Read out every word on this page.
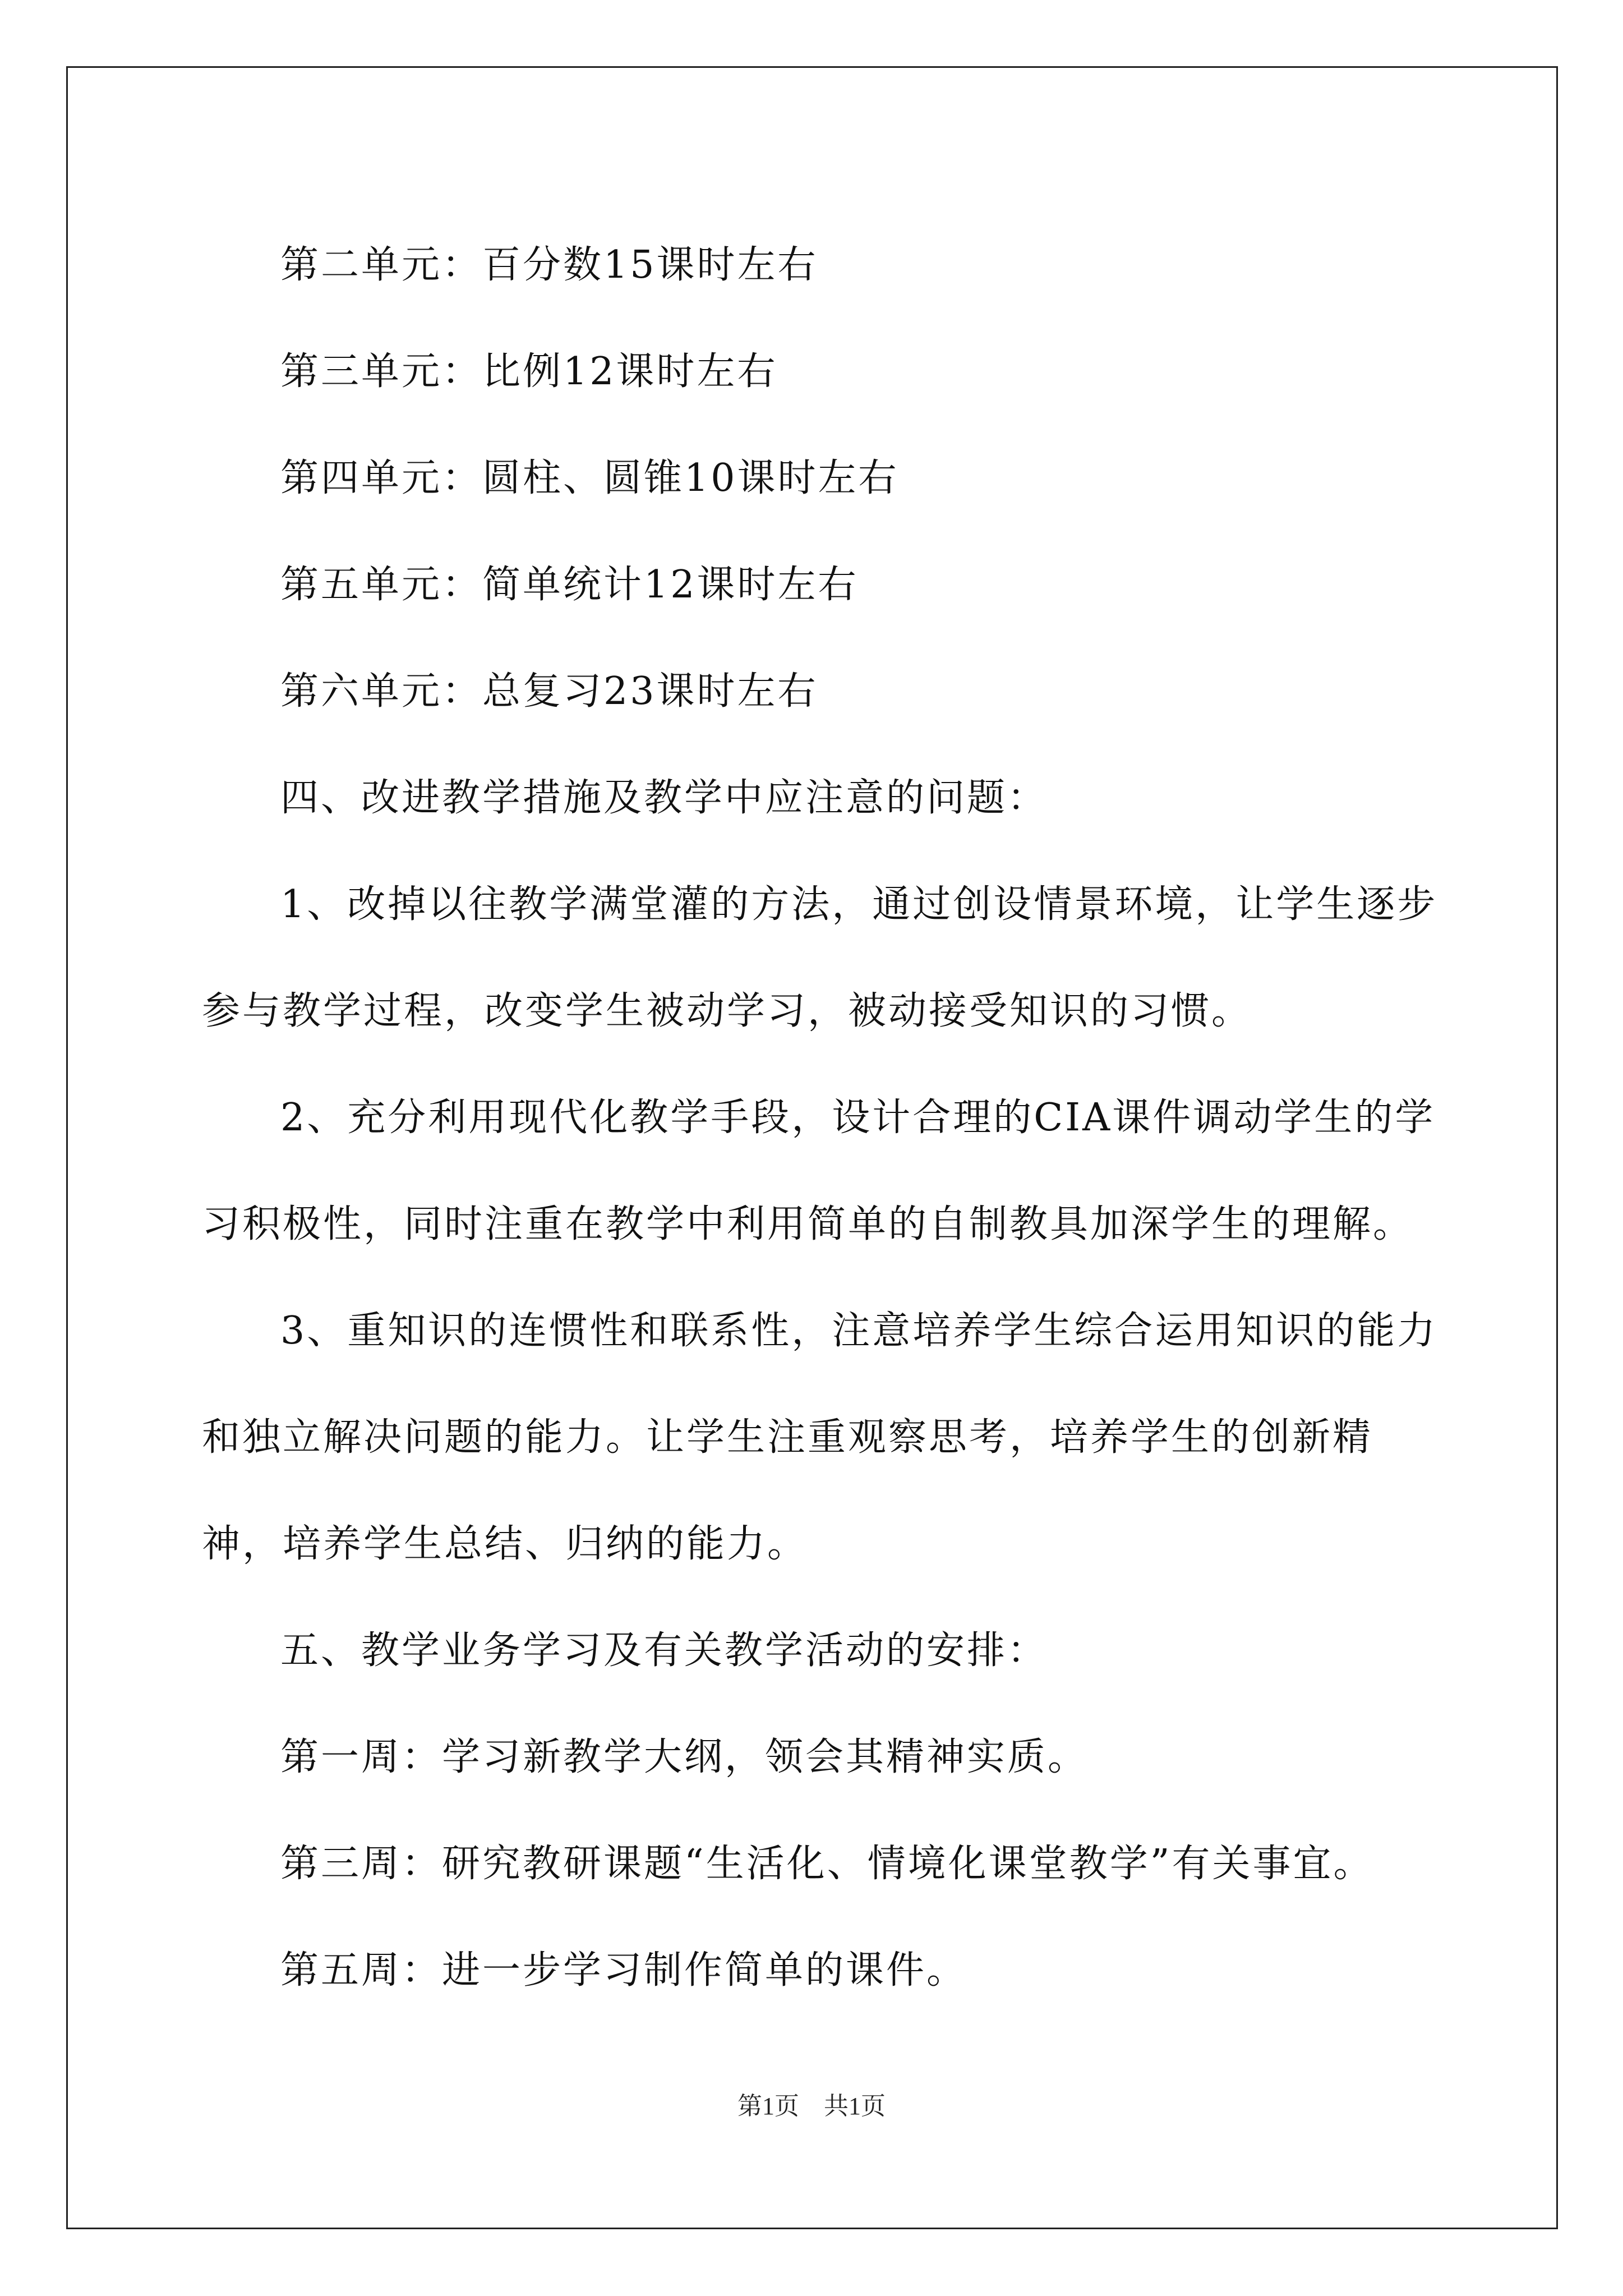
第二单元：百分数15课时左右

第三单元：比例12课时左右

第四单元：圆柱、圆锥10课时左右

第五单元：简单统计12课时左右

第六单元：总复习23课时左右

四、改进教学措施及教学中应注意的问题：

1、改掉以往教学满堂灌的方法，通过创设情景环境，让学生逐步参与教学过程，改变学生被动学习，被动接受知识的习惯。

2、充分利用现代化教学手段，设计合理的CIA课件调动学生的学习积极性，同时注重在教学中利用简单的自制教具加深学生的理解。

3、重知识的连惯性和联系性，注意培养学生综合运用知识的能力和独立解决问题的能力。让学生注重观察思考，培养学生的创新精神，培养学生总结、归纳的能力。

五、教学业务学习及有关教学活动的安排：

第一周：学习新教学大纲，领会其精神实质。

第三周：研究教研课题“生活化、情境化课堂教学”有关事宜。

第五周：进一步学习制作简单的课件。

第1页　共1页
